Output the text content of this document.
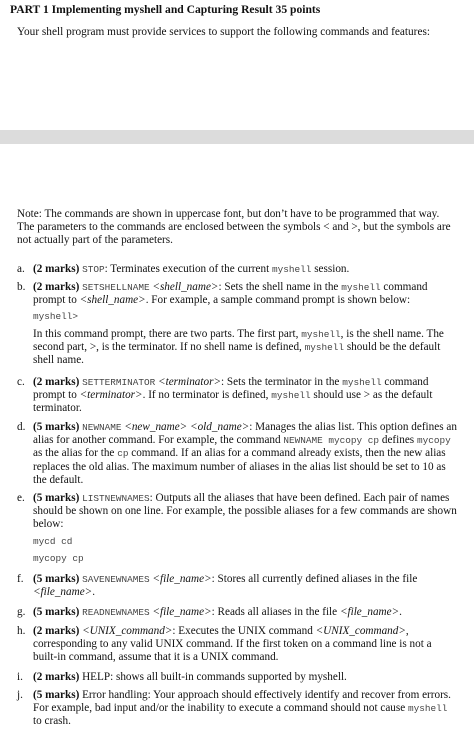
PART 1 Implementing myshell and Capturing Result 35 points
Your shell program must provide services to support the following commands and features:
Note: The commands are shown in uppercase font, but don’t have to be programmed that way. The parameters to the commands are enclosed between the symbols < and >, but the symbols are not actually part of the parameters.
a. (2 marks) STOP: Terminates execution of the current myshell session.
b. (2 marks) SETSHELLNAME <shell_name>: Sets the shell name in the myshell command prompt to <shell_name>. For example, a sample command prompt is shown below:
myshell>
In this command prompt, there are two parts. The first part, myshell, is the shell name. The second part, >, is the terminator. If no shell name is defined, myshell should be the default shell name.
c. (2 marks) SETTERMINATOR <terminator>: Sets the terminator in the myshell command prompt to <terminator>. If no terminator is defined, myshell should use > as the default terminator.
d. (5 marks) NEWNAME <new_name> <old_name>: Manages the alias list. This option defines an alias for another command. For example, the command NEWNAME mycopy cp defines mycopy as the alias for the cp command. If an alias for a command already exists, then the new alias replaces the old alias. The maximum number of aliases in the alias list should be set to 10 as the default.
e. (5 marks) LISTNEWNAMES: Outputs all the aliases that have been defined. Each pair of names should be shown on one line. For example, the possible aliases for a few commands are shown below:
mycd cd
mycopy cp
f. (5 marks) SAVENEWNAMES <file_name>: Stores all currently defined aliases in the file <file_name>.
g. (5 marks) READNEWNAMES <file_name>: Reads all aliases in the file <file_name>.
h. (2 marks) <UNIX_command>: Executes the UNIX command <UNIX_command>, corresponding to any valid UNIX command. If the first token on a command line is not a built-in command, assume that it is a UNIX command.
i. (2 marks) HELP: shows all built-in commands supported by myshell.
j. (5 marks) Error handling: Your approach should effectively identify and recover from errors. For example, bad input and/or the inability to execute a command should not cause myshell to crash.
